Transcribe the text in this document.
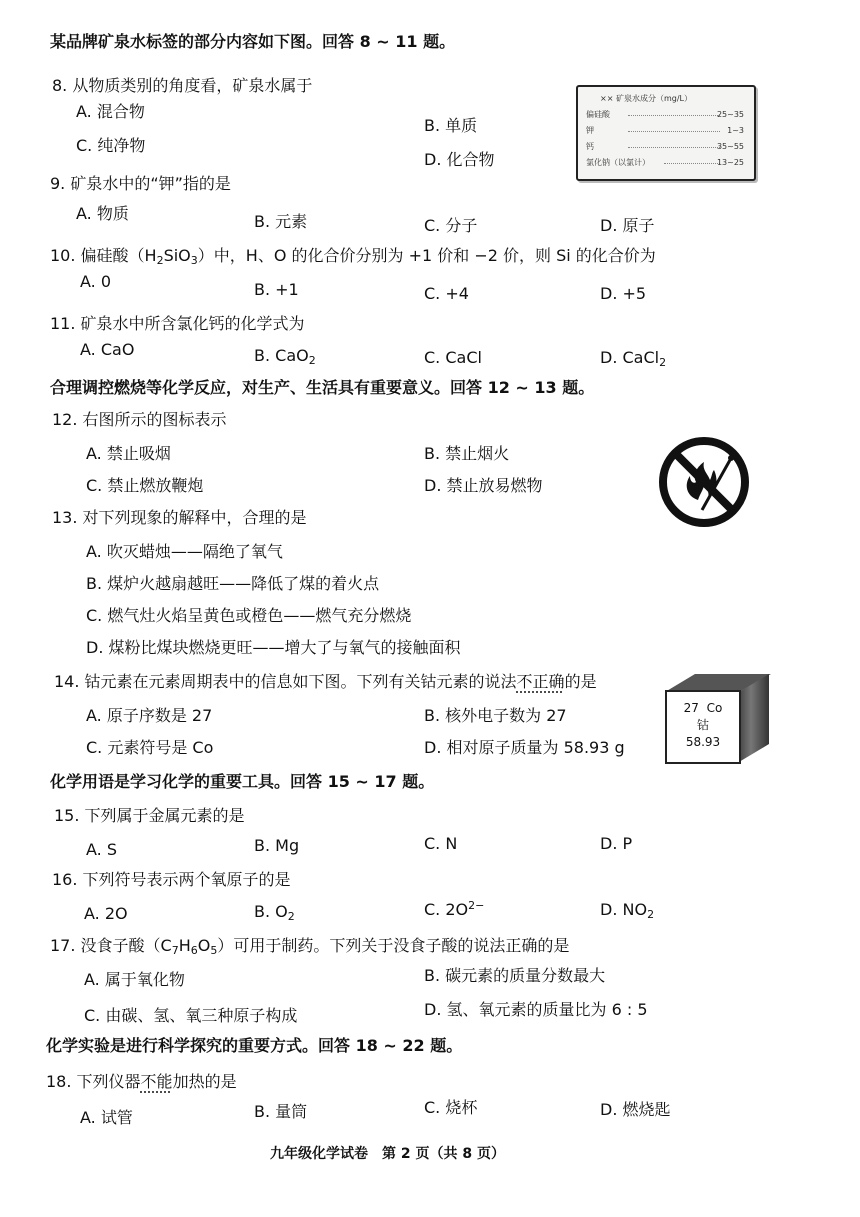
某品牌矿泉水标签的部分内容如下图。回答 8 ~ 11 题。
8. 从物质类别的角度看，矿泉水属于
A. 混合物
B. 单质
C. 纯净物
D. 化合物
×× 矿泉水成分（mg/L）
偏硅酸	25~35
钾	1~3
钙	35~55
氯化钠（以氯计）	13~25
9. 矿泉水中的“钾”指的是
A. 物质	B. 元素	C. 分子	D. 原子
10. 偏硅酸$(H_2SiO_3)$中，H、O 的化合价分别为 +1 价和 −2 价，则 Si 的化合价为
A. 0	B. +1	C. +4	D. +5
11. 矿泉水中所含氯化钙的化学式为
A. CaO	B. CaO$_2$	C. CaCl	D. CaCl$_2$
合理调控燃烧等化学反应，对生产、生活具有重要意义。回答 12 ~ 13 题。
12. 右图所示的图标表示
A. 禁止吸烟	B. 禁止烟火
C. 禁止燃放鞭炮	D. 禁止放易燃物
13. 对下列现象的解释中，合理的是
A. 吹灭蜡烛——隔绝了氧气
B. 煤炉火越扇越旺——降低了煤的着火点
C. 燃气灶火焰呈黄色或橙色——燃气充分燃烧
D. 煤粉比煤块燃烧更旺——增大了与氧气的接触面积
14. 钴元素在元素周期表中的信息如下图。下列有关钴元素的说法不正确的是
A. 原子序数是 27	B. 核外电子数为 27
C. 元素符号是 Co	D. 相对原子质量为 58.93 g
27 Co
钴
58.93
化学用语是学习化学的重要工具。回答 15 ~ 17 题。
15. 下列属于金属元素的是
A. S	B. Mg	C. N	D. P
16. 下列符号表示两个氧原子的是
A. 2O	B. $O_2$	C. $2O^{2-}$	D. $NO_2$
17. 没食子酸$(C_7H_6O_5)$可用于制药。下列关于没食子酸的说法正确的是
A. 属于氧化物	B. 碳元素的质量分数最大
C. 由碳、氢、氧三种原子构成	D. 氢、氧元素的质量比为 6 : 5
化学实验是进行科学探究的重要方式。回答 18 ~ 22 题。
18. 下列仪器不能加热的是
A. 试管	B. 量筒	C. 烧杯	D. 燃烧匙
九年级化学试卷　第 2 页（共 8 页）
